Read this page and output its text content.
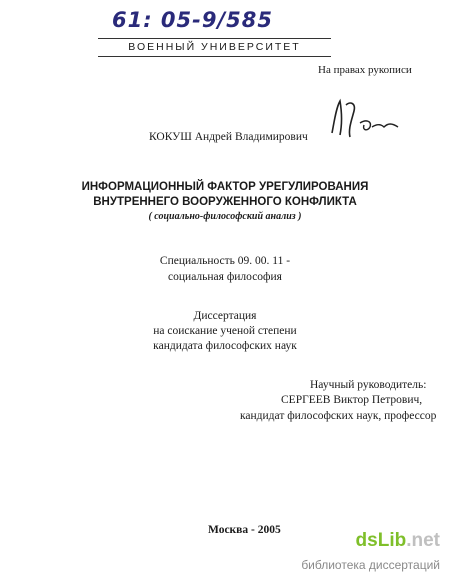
61: 05-9/585
ВОЕННЫЙ УНИВЕРСИТЕТ
На правах рукописи
КОКУШ Андрей Владимирович
ИНФОРМАЦИОННЫЙ ФАКТОР УРЕГУЛИРОВАНИЯ
ВНУТРЕННЕГО ВООРУЖЕННОГО КОНФЛИКТА
( социально-философский анализ )
Специальность 09. 00. 11 -
социальная философия
Диссертация
на соискание ученой степени
кандидата философских наук
Научный руководитель:
СЕРГЕЕВ Виктор Петрович,
кандидат философских наук, профессор
Москва - 2005	dsLib.net
библиотека диссертаций
